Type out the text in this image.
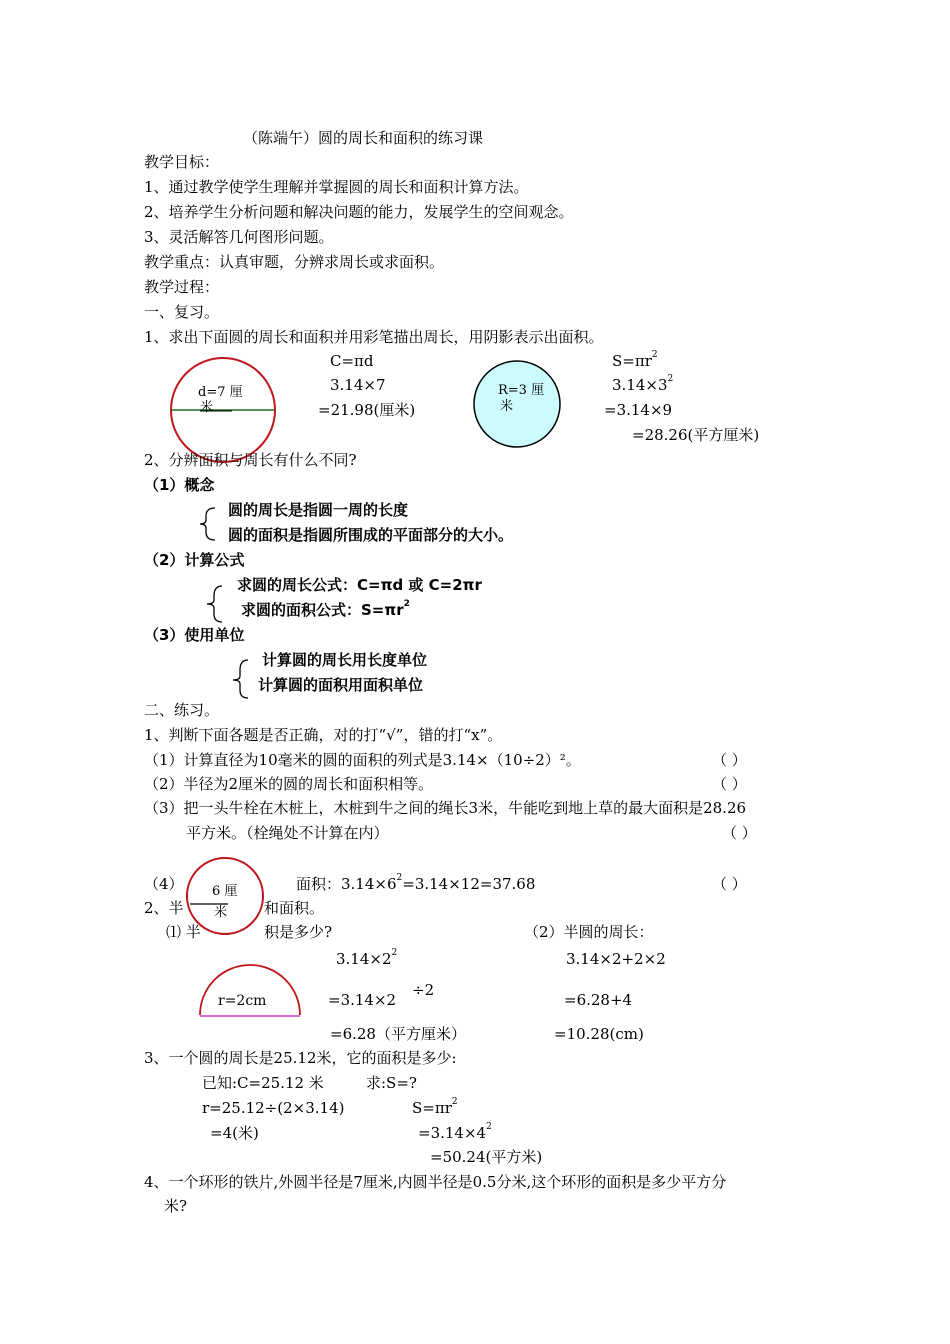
（陈端午）圆的周长和面积的练习课
教学目标：
1、通过教学使学生理解并掌握圆的周长和面积计算方法。
2、培养学生分析问题和解决问题的能力，发展学生的空间观念。
3、灵活解答几何图形问题。
教学重点：认真审题，分辨求周长或求面积。
教学过程：
一、复习。
1、求出下面圆的周长和面积并用彩笔描出周长，用阴影表示出面积。
d=7 厘
米
C=πd
3.14×7
=21.98(厘米)
R=3 厘
米
$S=\pi r^2$
$3.14\times 3^2$
=3.14×9
=28.26(平方厘米)
2、分辨面积与周长有什么不同?
（1）概念
圆的周长是指圆一周的长度
圆的面积是指圆所围成的平面部分的大小。
（2）计算公式
求圆的周长公式：C=πd 或 C=2πr
求圆的面积公式：$S=\pi r^2$
（3）使用单位
计算圆的周长用长度单位
计算圆的面积用面积单位
二、练习。
1、判断下面各题是否正确，对的打“√”，错的打“x”。
（1）计算直径为10毫米的圆的面积的列式是3.14×（10÷2）²。	（ ）
（2）半径为2厘米的圆的周长和面积相等。	（ ）
（3）把一头牛栓在木桩上，木桩到牛之间的绳长3米，牛能吃到地上草的最大面积是28.26
平方米。（栓绳处不计算在内）	（ ）
（4） 6 厘
米
面积：$3.14\times 6^2=3.14\times 12=37.68$	（ ）
2、半	和面积。
⑴ 半	积是多少?	（2）半圆的周长：
$3.14\times 2^2$
=3.14×2
÷2
=6.28（平方厘米）
r=2cm
3.14×2+2×2
=6.28+4
=10.28(cm)
3、一个圆的周长是25.12米，它的面积是多少:
已知:C=25.12 米	求:S=?
r=25.12÷(2×3.14)
=4(米)
$S=\pi r^2$
$=3.14\times 4^2$
=50.24(平方米)
4、一个环形的铁片,外圆半径是7厘米,内圆半径是0.5分米,这个环形的面积是多少平方分
米?
